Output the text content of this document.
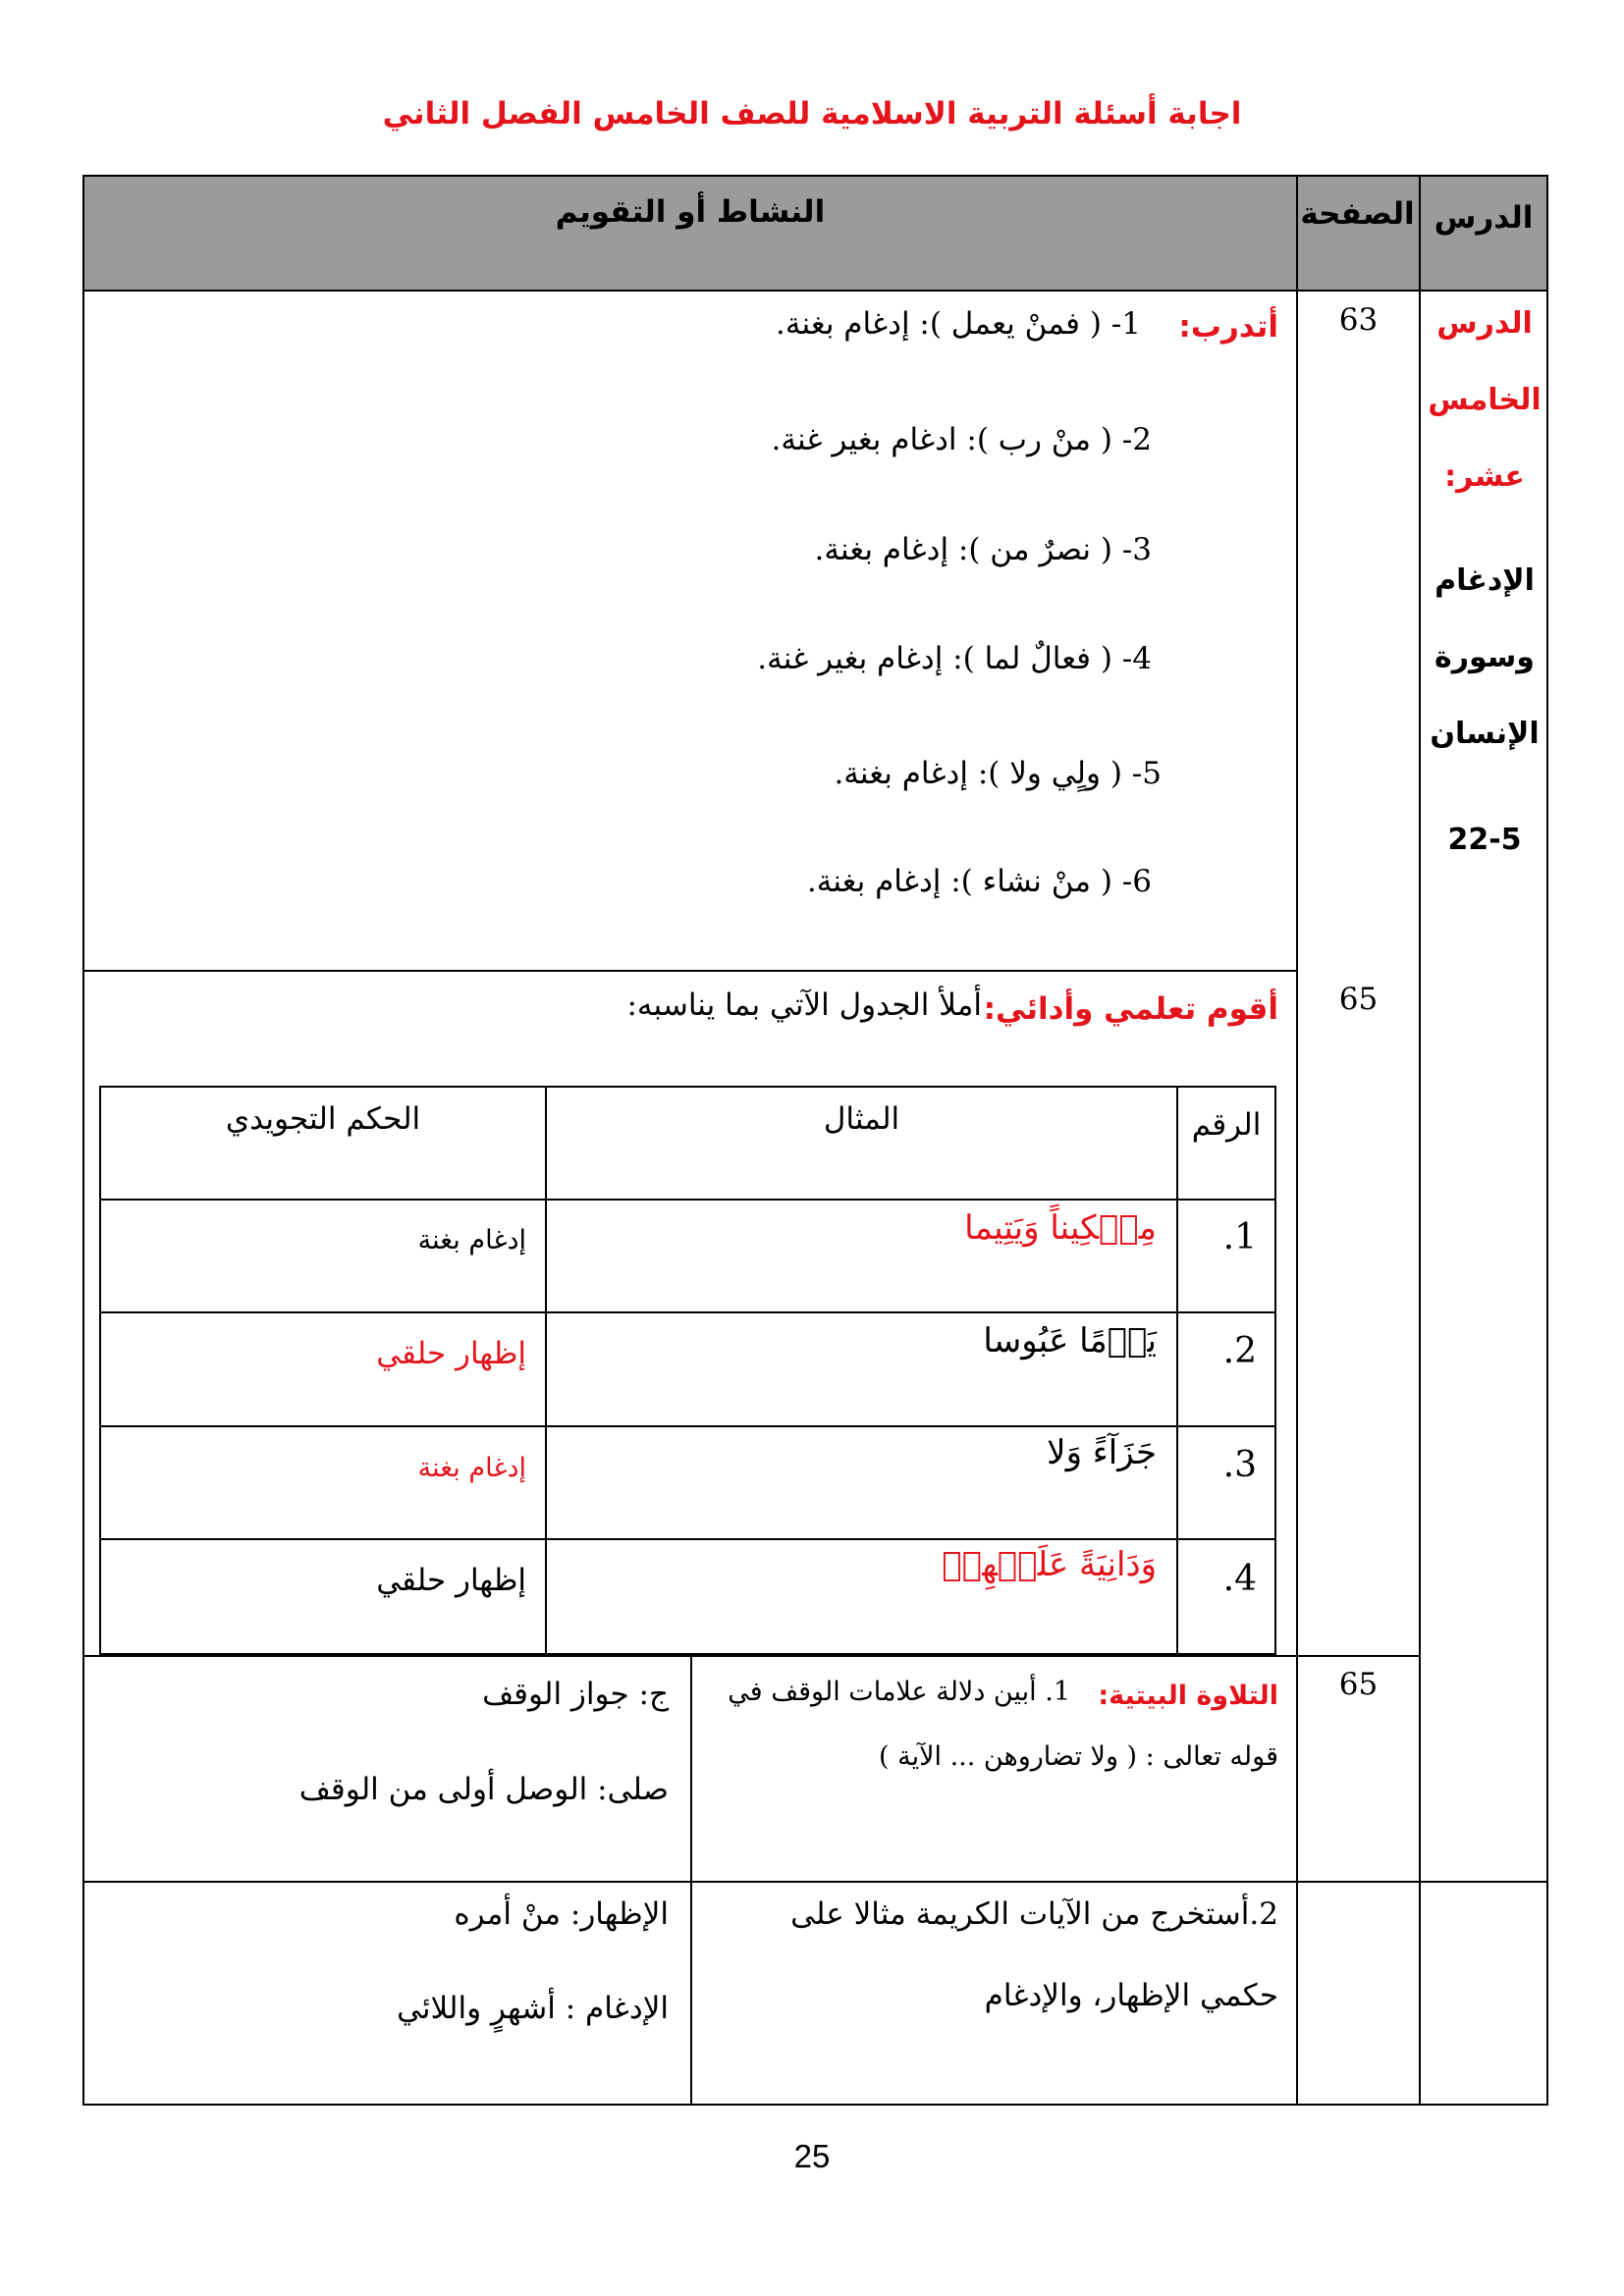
اجابة أسئلة التربية الاسلامية للصف الخامس الفصل الثاني
الدرس
الصفحة
النشاط أو التقويم
الدرس
الخامس
عشر:
الإدغام
وسورة
الإنسان
22-5
63
أتدرب:
1- ( فمنْ يعمل ): إدغام بغنة.
2- ( منْ رب ): ادغام بغير غنة.
3- ( نصرٌ من ): إدغام بغنة.
4- ( فعالٌ لما ): إدغام بغير غنة.
5- ( ولٍي ولا ): إدغام بغنة.
6- ( منْ نشاء ): إدغام بغنة.
65
أقوم تعلمي وأدائي:
أملأ الجدول الآتي بما يناسبه:
65
التلاوة البيتية:
1. أبين دلالة علامات الوقف في
قوله تعالى : ( ولا تضاروهن ... الآية )
ج: جواز الوقف
صلى: الوصل أولى من الوقف
2.أستخرج من الآيات الكريمة مثالا على
حكمي الإظهار، والإدغام
الإظهار: منْ أمره
الإدغام : أشهرٍ واللائي
الرقم
المثال
الحكم التجويدي
1.
مِسۡكِيناً وَيَتِيما
إدغام بغنة
2.
يَوۡمًا عَبُوسا
إظهار حلقي
3.
جَزَآءً وَلا
إدغام بغنة
4.
وَدَانِيَةً عَلَيۡهِمۡ
إظهار حلقي
25
